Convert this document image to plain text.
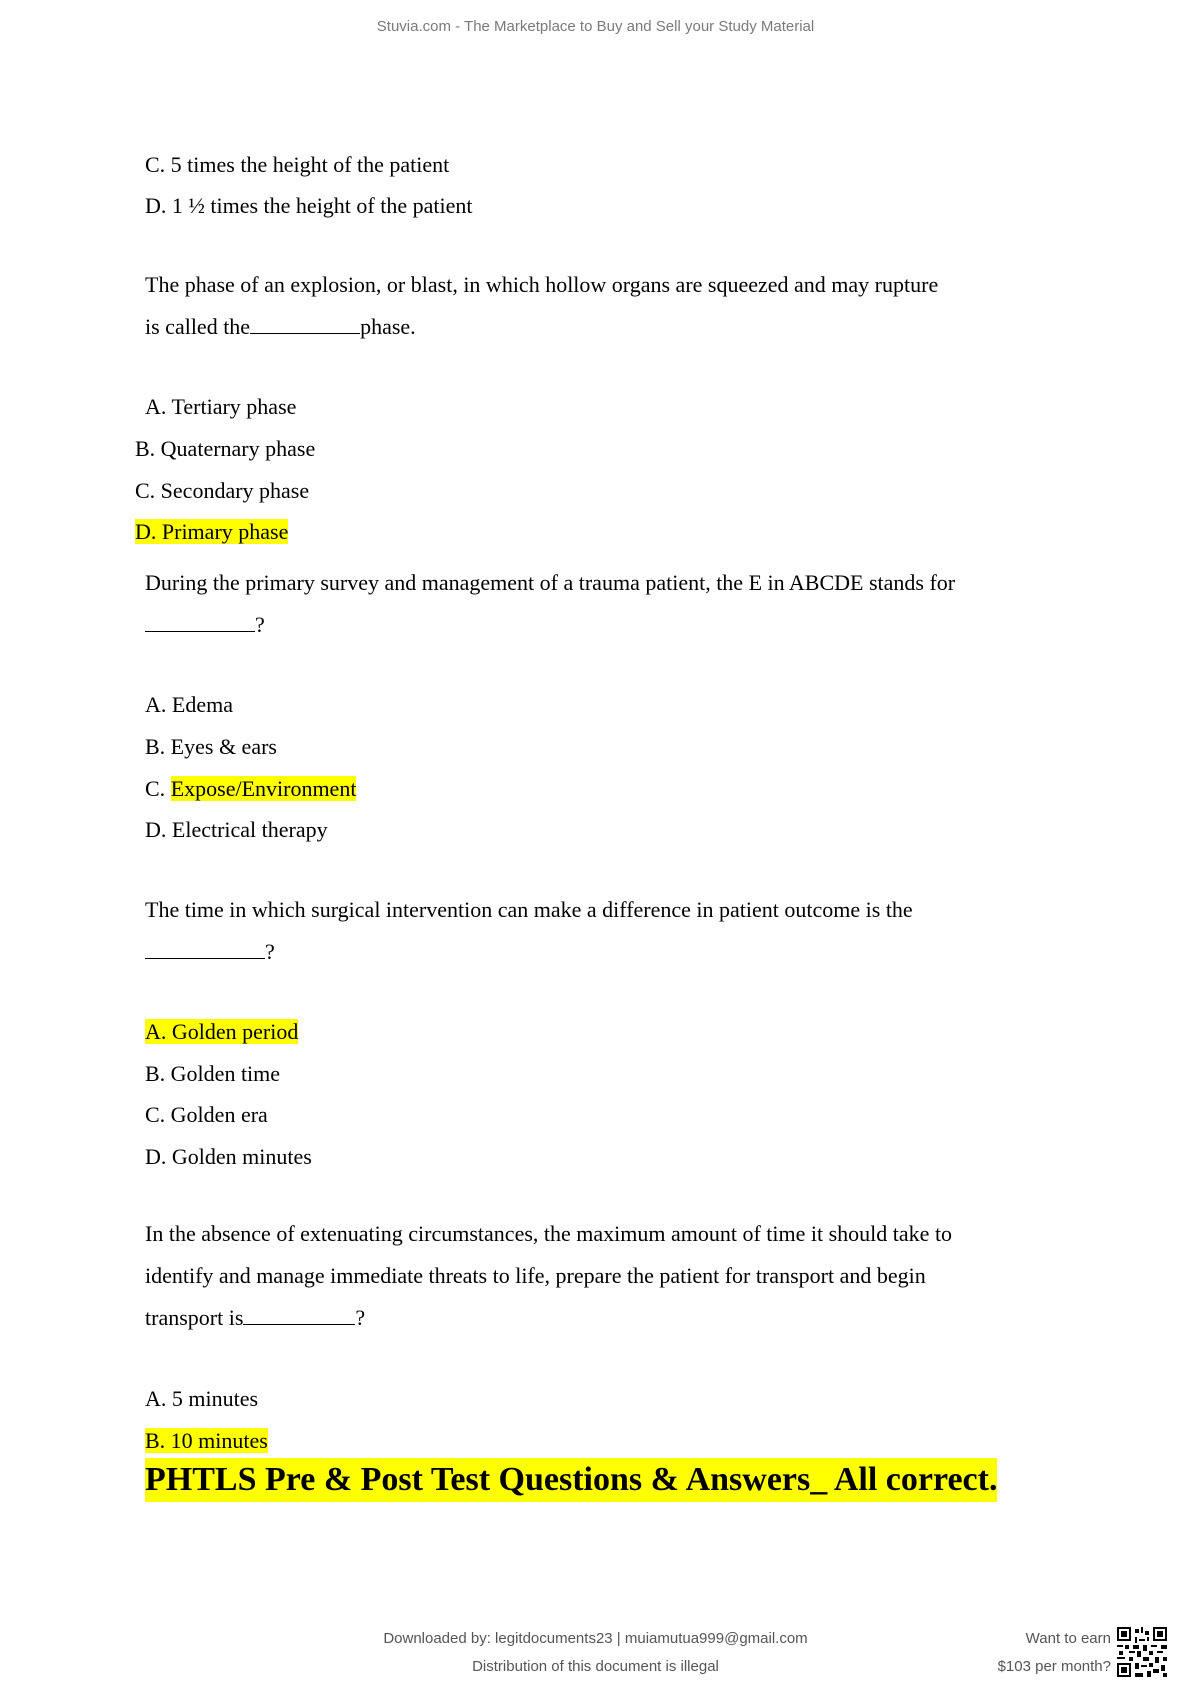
Stuvia.com - The Marketplace to Buy and Sell your Study Material
C. 5 times the height of the patient
D. 1 ½ times the height of the patient
The phase of an explosion, or blast, in which hollow organs are squeezed and may rupture
is called the	phase.
A. Tertiary phase
B. Quaternary phase
C. Secondary phase
D. Primary phase
During the primary survey and management of a trauma patient, the E in ABCDE stands for
?
A. Edema
B. Eyes & ears
C. Expose/Environment
D. Electrical therapy
The time in which surgical intervention can make a difference in patient outcome is the
?
A. Golden period
B. Golden time
C. Golden era
D. Golden minutes
In the absence of extenuating circumstances, the maximum amount of time it should take to
identify and manage immediate threats to life, prepare the patient for transport and begin
transport is	?
A. 5 minutes
B. 10 minutes
PHTLS Pre & Post Test Questions & Answers_ All correct.
Downloaded by: legitdocuments23 | muiamutua999@gmail.com
Distribution of this document is illegal
Want to earn
$103 per month?
